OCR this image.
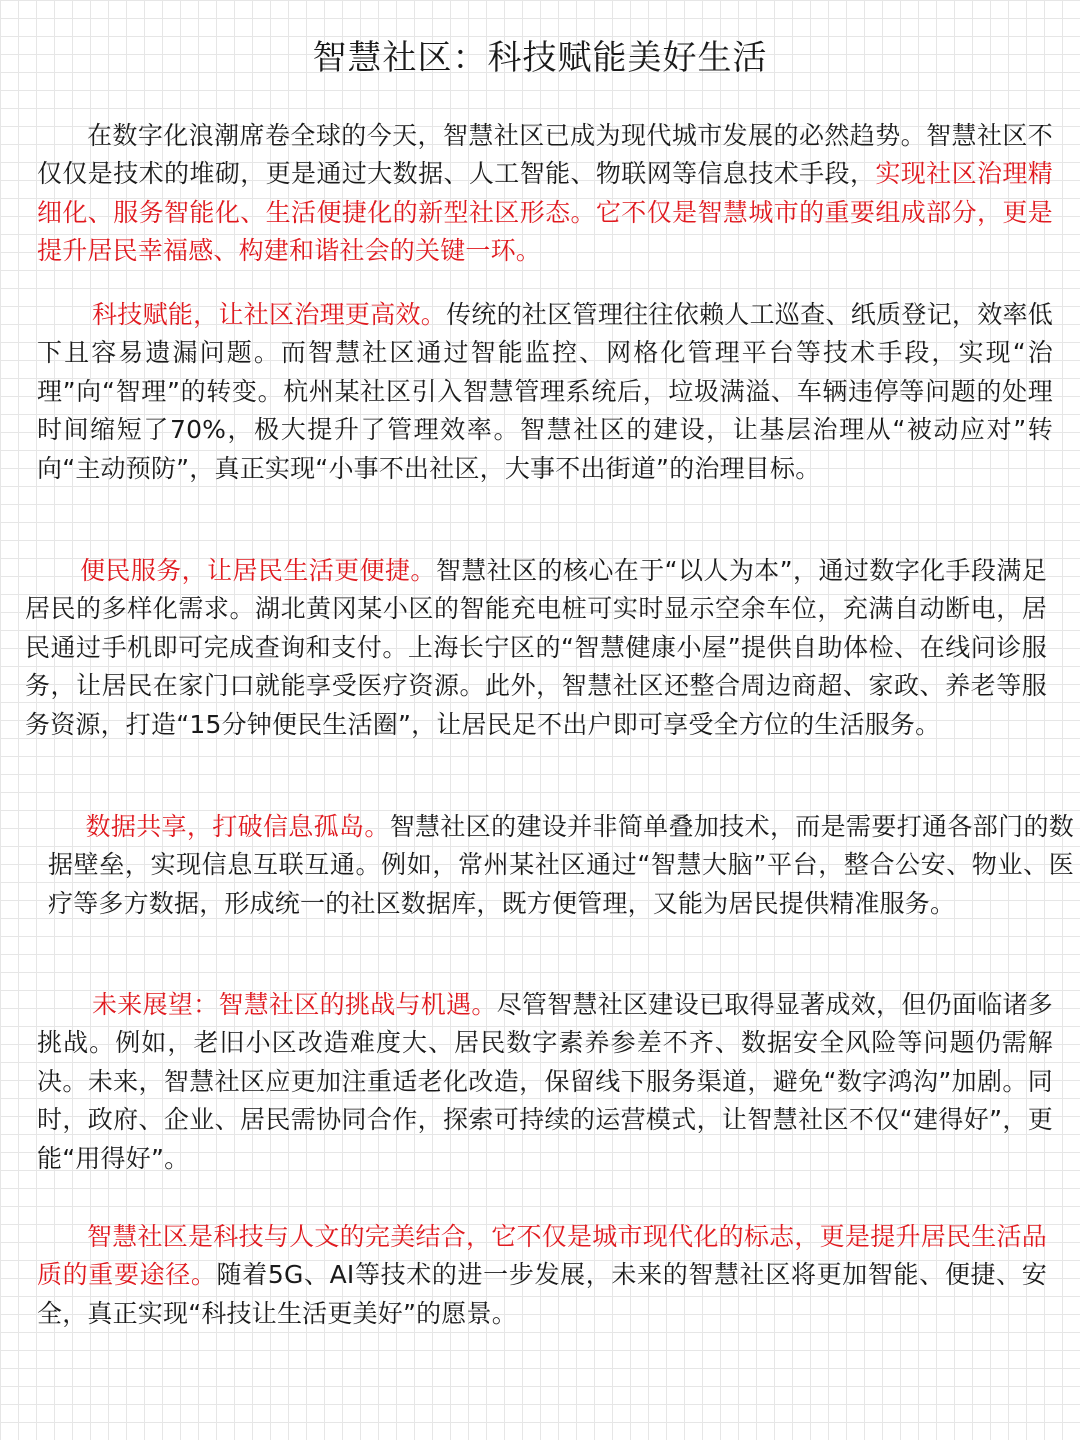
智慧社区：科技赋能美好生活

在数字化浪潮席卷全球的今天，智慧社区已成为现代城市发展的必然趋势。智慧社区不仅仅是技术的堆砌，更是通过大数据、人工智能、物联网等信息技术手段，实现社区治理精细化、服务智能化、生活便捷化的新型社区形态。它不仅是智慧城市的重要组成部分，更是提升居民幸福感、构建和谐社会的关键一环。

科技赋能，让社区治理更高效。传统的社区管理往往依赖人工巡查、纸质登记，效率低下且容易遗漏问题。而智慧社区通过智能监控、网格化管理平台等技术手段，实现“治理”向“智理”的转变。杭州某社区引入智慧管理系统后，垃圾满溢、车辆违停等问题的处理时间缩短了70%，极大提升了管理效率。智慧社区的建设，让基层治理从“被动应对”转向“主动预防”，真正实现“小事不出社区，大事不出街道”的治理目标。

便民服务，让居民生活更便捷。智慧社区的核心在于“以人为本”，通过数字化手段满足居民的多样化需求。湖北黄冈某小区的智能充电桩可实时显示空余车位，充满自动断电，居民通过手机即可完成查询和支付。上海长宁区的“智慧健康小屋”提供自助体检、在线问诊服务，让居民在家门口就能享受医疗资源。此外，智慧社区还整合周边商超、家政、养老等服务资源，打造“15分钟便民生活圈”，让居民足不出户即可享受全方位的生活服务。

数据共享，打破信息孤岛。智慧社区的建设并非简单叠加技术，而是需要打通各部门的数据壁垒，实现信息互联互通。例如，常州某社区通过“智慧大脑”平台，整合公安、物业、医疗等多方数据，形成统一的社区数据库，既方便管理，又能为居民提供精准服务。

未来展望：智慧社区的挑战与机遇。尽管智慧社区建设已取得显著成效，但仍面临诸多挑战。例如，老旧小区改造难度大、居民数字素养参差不齐、数据安全风险等问题仍需解决。未来，智慧社区应更加注重适老化改造，保留线下服务渠道，避免“数字鸿沟”加剧。同时，政府、企业、居民需协同合作，探索可持续的运营模式，让智慧社区不仅“建得好”，更能“用得好”。

智慧社区是科技与人文的完美结合，它不仅是城市现代化的标志，更是提升居民生活品质的重要途径。随着5G、AI等技术的进一步发展，未来的智慧社区将更加智能、便捷、安全，真正实现“科技让生活更美好”的愿景。
